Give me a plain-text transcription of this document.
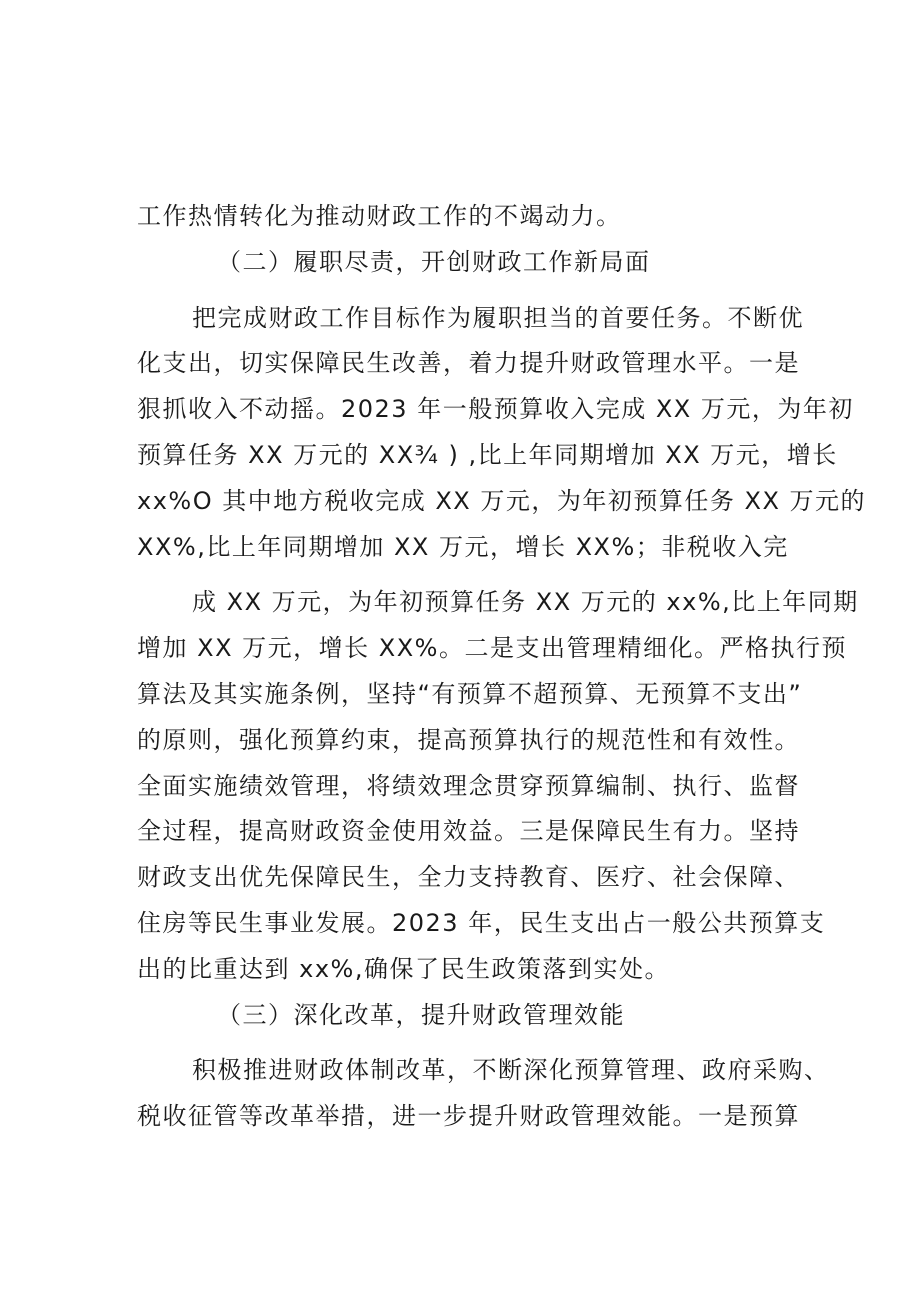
工作热情转化为推动财政工作的不竭动力。
（二）履职尽责，开创财政工作新局面
把完成财政工作目标作为履职担当的首要任务。不断优
化支出，切实保障民生改善，着力提升财政管理水平。一是
狠抓收入不动摇。2023 年一般预算收入完成 XX 万元，为年初
预算任务 XX 万元的 XX¾ ) ,比上年同期增加 XX 万元，增长
xx%O 其中地方税收完成 XX 万元，为年初预算任务 XX 万元的
XX%,比上年同期增加 XX 万元，增长 XX%；非税收入完
成 XX 万元，为年初预算任务 XX 万元的 xx%,比上年同期
增加 XX 万元，增长 XX%。二是支出管理精细化。严格执行预
算法及其实施条例，坚持“有预算不超预算、无预算不支出”
的原则，强化预算约束，提高预算执行的规范性和有效性。
全面实施绩效管理，将绩效理念贯穿预算编制、执行、监督
全过程，提高财政资金使用效益。三是保障民生有力。坚持
财政支出优先保障民生，全力支持教育、医疗、社会保障、
住房等民生事业发展。2023 年，民生支出占一般公共预算支
出的比重达到 xx%,确保了民生政策落到实处。
（三）深化改革，提升财政管理效能
积极推进财政体制改革，不断深化预算管理、政府采购、
税收征管等改革举措，进一步提升财政管理效能。一是预算
